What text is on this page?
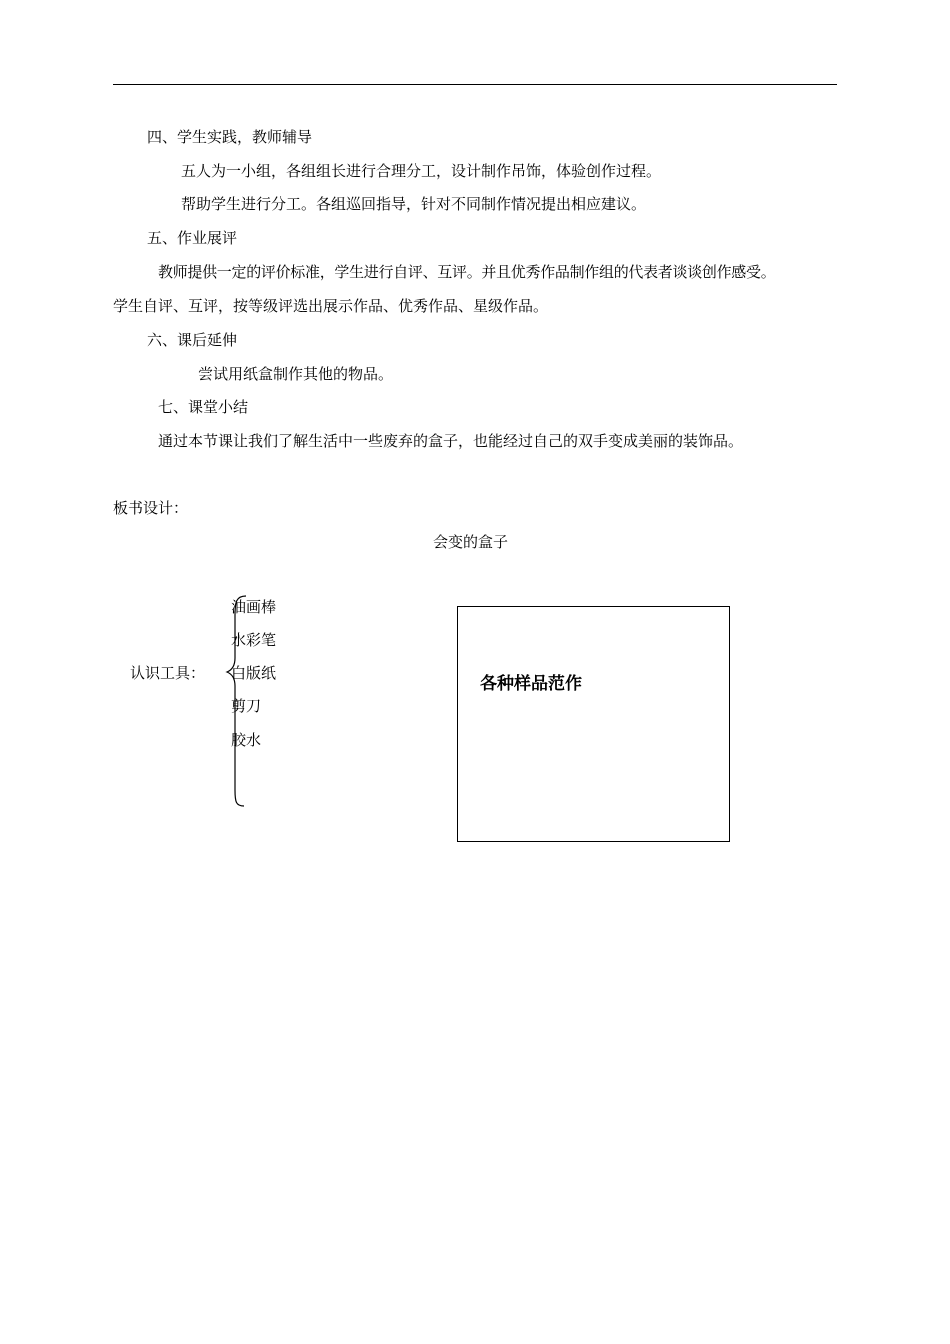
四、学生实践，教师辅导
五人为一小组，各组组长进行合理分工，设计制作吊饰，体验创作过程。
帮助学生进行分工。各组巡回指导，针对不同制作情况提出相应建议。
五、作业展评
教师提供一定的评价标准，学生进行自评、互评。并且优秀作品制作组的代表者谈谈创作感受。
学生自评、互评，按等级评选出展示作品、优秀作品、星级作品。
六、课后延伸
尝试用纸盒制作其他的物品。
七、课堂小结
通过本节课让我们了解生活中一些废弃的盒子，也能经过自己的双手变成美丽的装饰品。
板书设计：
会变的盒子
认识工具：
油画棒
水彩笔
白版纸
剪刀
胶水
各种样品范作
